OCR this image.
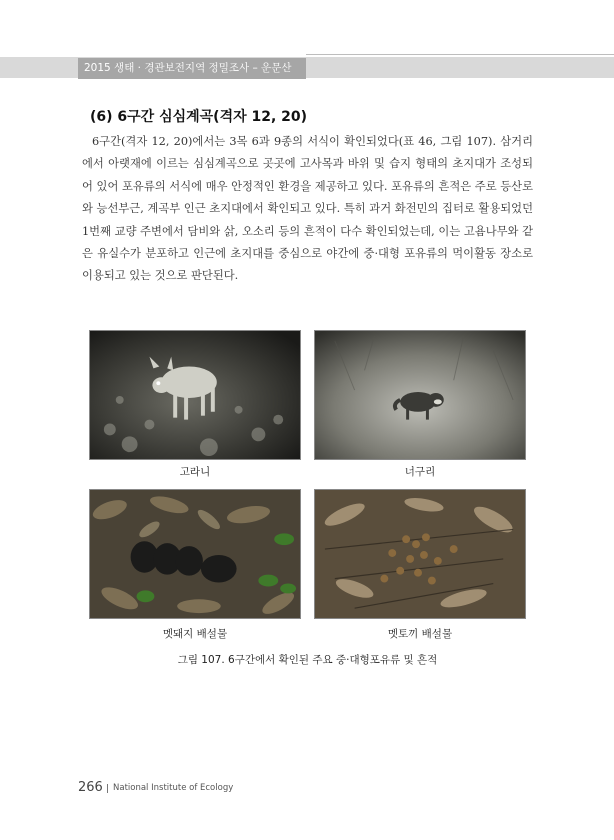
2015 생태 · 경관보전지역 정밀조사 – 운문산
(6) 6구간 심심계곡(격자 12, 20)

6구간(격자 12, 20)에서는 3목 6과 9종의 서식이 확인되었다(표 46, 그림 107). 삼거리에서 아랫재에 이르는 심심계곡으로 곳곳에 고사목과 바위 및 습지 형태의 초지대가 조성되어 있어 포유류의 서식에 매우 안정적인 환경을 제공하고 있다. 포유류의 흔적은 주로 등산로와 능선부근, 계곡부 인근 초지대에서 확인되고 있다. 특히 과거 화전민의 집터로 활용되었던 1번째 교량 주변에서 담비와 삵, 오소리 등의 흔적이 다수 확인되었는데, 이는 고욤나무와 같은 유실수가 분포하고 인근에 초지대를 중심으로 야간에 중·대형 포유류의 먹이활동 장소로 이용되고 있는 것으로 판단된다.

고라니	너구리
멧돼지 배설물	멧토끼 배설물
그림 107. 6구간에서 확인된 주요 중·대형포유류 및 흔적
266 National Institute of Ecology
